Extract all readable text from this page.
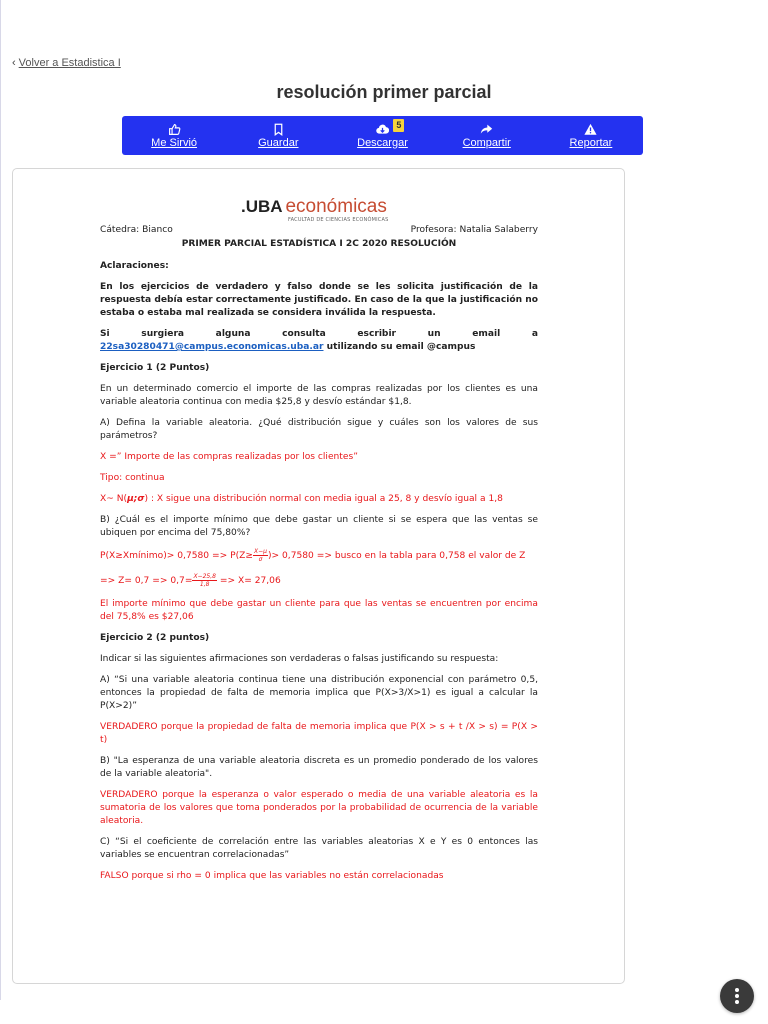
‹ Volver a Estadistica I
resolución primer parcial
Me Sirvió	Guardar
5
Descargar	Compartir	Reportar
.UBA económicas
FACULTAD DE CIENCIAS ECONÓMICAS
Cátedra: Bianco	Profesora: Natalia Salaberry
PRIMER PARCIAL ESTADÍSTICA I 2C 2020 RESOLUCIÓN

Aclaraciones:

En los ejercicios de verdadero y falso donde se les solicita justificación de la respuesta debía estar correctamente justificado. En caso de la que la justificación no estaba o estaba mal realizada se considera inválida la respuesta.

Si surgiera alguna consulta escribir un email a 22sa30280471@campus.economicas.uba.ar utilizando su email @campus

Ejercicio 1 (2 Puntos)

En un determinado comercio el importe de las compras realizadas por los clientes es una variable aleatoria continua con media $25,8 y desvío estándar $1,8.

A) Defina la variable aleatoria. ¿Qué distribución sigue y cuáles son los valores de sus parámetros?

X =” Importe de las compras realizadas por los clientes”

Tipo: continua

X~ N(μ;σ) : X sigue una distribución normal con media igual a 25, 8 y desvío igual a 1,8

B) ¿Cuál es el importe mínimo que debe gastar un cliente si se espera que las ventas se ubiquen por encima del 75,80%?

P(X≥Xmínimo)> $0,7580 => P(Z\ge \frac{X-\mu}{\sigma}$ )> 0,7580 => busco en la tabla para 0,758 el valor de Z

=> $Z= 0,7 => 0,7= \frac{X-25,8}{1,8} => X= 27,06$

El importe mínimo que debe gastar un cliente para que las ventas se encuentren por encima del 75,8% es $27,06

Ejercicio 2 (2 puntos)

Indicar si las siguientes afirmaciones son verdaderas o falsas justificando su respuesta:

A) “Si una variable aleatoria continua tiene una distribución exponencial con parámetro 0,5, entonces la propiedad de falta de memoria implica que P(X>3/X>1) es igual a calcular la P(X>2)”

VERDADERO porque la propiedad de falta de memoria implica que P(X > s + t /X > s) = P(X > t)

B) "La esperanza de una variable aleatoria discreta es un promedio ponderado de los valores de la variable aleatoria".

VERDADERO porque la esperanza o valor esperado o media de una variable aleatoria es la sumatoria de los valores que toma ponderados por la probabilidad de ocurrencia de la variable aleatoria.

C) “Si el coeficiente de correlación entre las variables aleatorias X e Y es 0 entonces las variables se encuentran correlacionadas”

FALSO porque si rho = 0 implica que las variables no están correlacionadas
